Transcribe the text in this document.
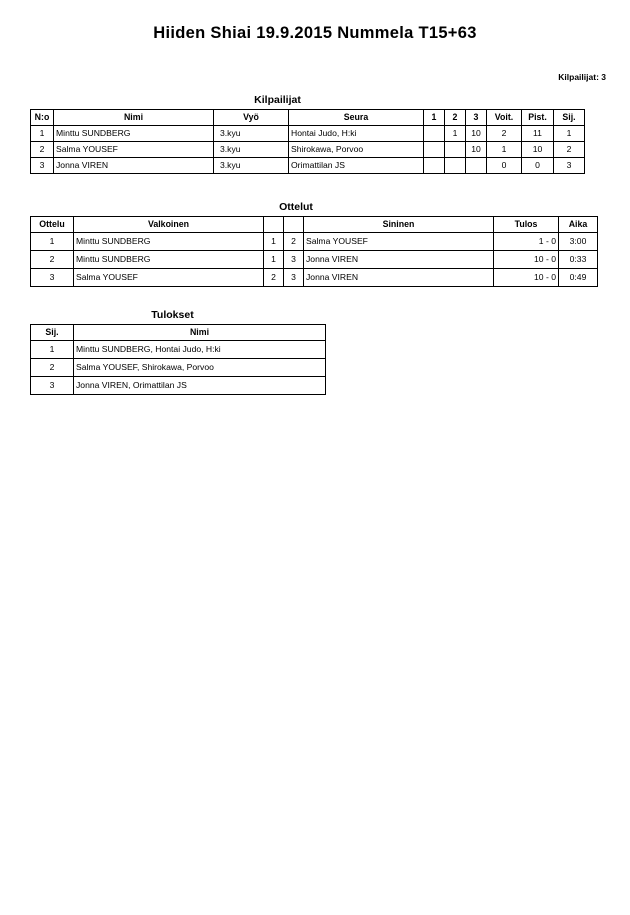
Hiiden Shiai 19.9.2015 Nummela T15+63
Kilpailijat: 3
Kilpailijat
N:o	Nimi	Vyö	Seura	1	2	3	Voit.	Pist.	Sij.
1	Minttu SUNDBERG	3.kyu	Hontai Judo, H:ki		1	10	2	11	1
2	Salma YOUSEF	3.kyu	Shirokawa, Porvoo			10	1	10	2
3	Jonna VIREN	3.kyu	Orimattilan JS				0	0	3
Ottelut
Ottelu	Valkoinen			Sininen	Tulos	Aika
1	Minttu SUNDBERG	1	2	Salma YOUSEF	1 - 0	3:00
2	Minttu SUNDBERG	1	3	Jonna VIREN	10 - 0	0:33
3	Salma YOUSEF	2	3	Jonna VIREN	10 - 0	0:49
Tulokset
Sij.	Nimi
1	Minttu SUNDBERG, Hontai Judo, H:ki
2	Salma YOUSEF, Shirokawa, Porvoo
3	Jonna VIREN, Orimattilan JS
